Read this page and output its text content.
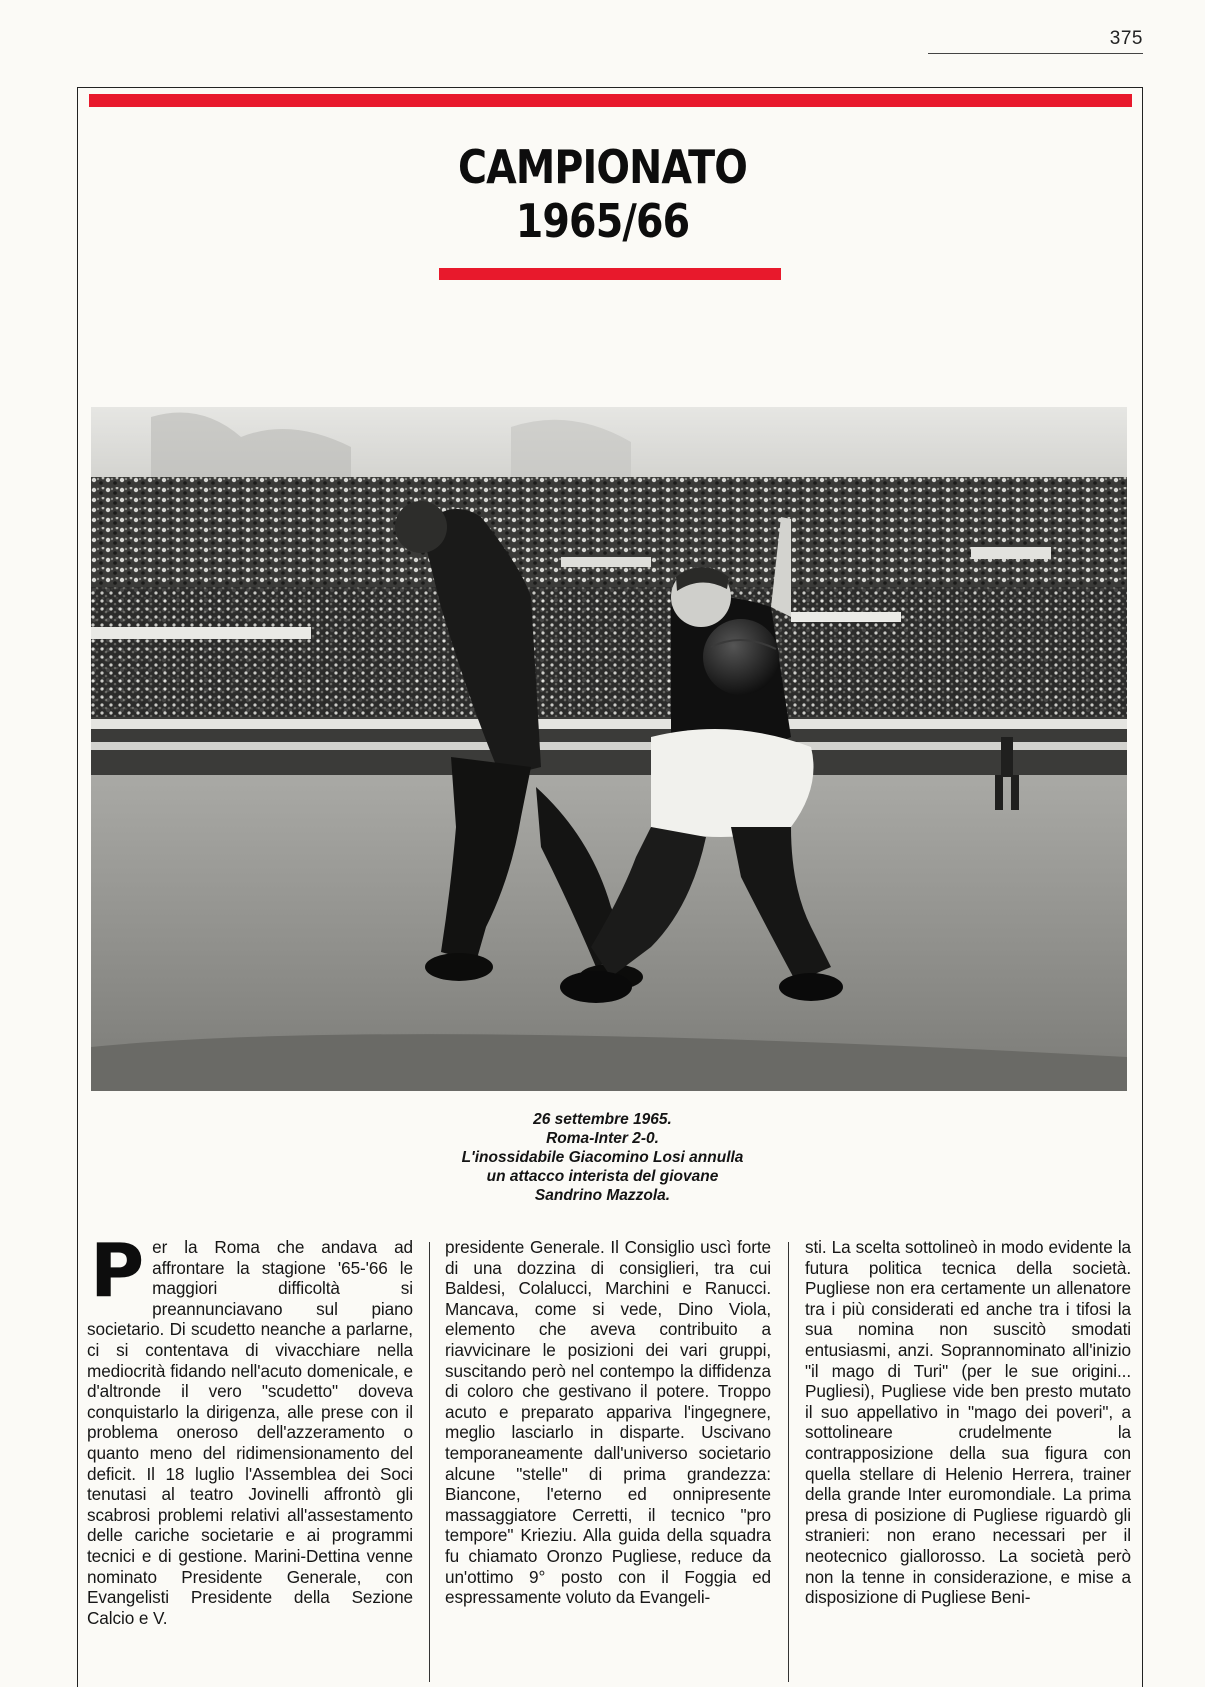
375
CAMPIONATO
1965/66
26 settembre 1965.
Roma-Inter 2-0.
L'inossidabile Giacomino Losi annulla
un attacco interista del giovane
Sandrino Mazzola.
Per la Roma che andava ad affrontare la stagione '65-'66 le maggiori difficoltà si preannunciavano sul piano societario. Di scudetto neanche a parlarne, ci si contentava di vivacchiare nella mediocrità fidando nell'acuto domenicale, e d'altronde il vero "scudetto" doveva conquistarlo la dirigenza, alle prese con il problema oneroso dell'azzeramento o quanto meno del ridimensionamento del deficit. Il 18 luglio l'Assemblea dei Soci tenutasi al teatro Jovinelli affrontò gli scabrosi problemi relativi all'assestamento delle cariche societarie e ai programmi tecnici e di gestione. Marini-Dettina venne nominato Presidente Generale, con Evangelisti Presidente della Sezione Calcio e V.
presidente Generale. Il Consiglio uscì forte di una dozzina di consiglieri, tra cui Baldesi, Colalucci, Marchini e Ranucci. Mancava, come si vede, Dino Viola, elemento che aveva contribuito a riavvicinare le posizioni dei vari gruppi, suscitando però nel contempo la diffidenza di coloro che gestivano il potere. Troppo acuto e preparato appariva l'ingegnere, meglio lasciarlo in disparte. Uscivano temporaneamente dall'universo societario alcune "stelle" di prima grandezza: Biancone, l'eterno ed onnipresente massaggiatore Cerretti, il tecnico "pro tempore" Krieziu. Alla guida della squadra fu chiamato Oronzo Pugliese, reduce da un'ottimo 9° posto con il Foggia ed espressamente voluto da Evangeli-
sti. La scelta sottolineò in modo evidente la futura politica tecnica della società. Pugliese non era certamente un allenatore tra i più considerati ed anche tra i tifosi la sua nomina non suscitò smodati entusiasmi, anzi. Soprannominato all'inizio "il mago di Turi" (per le sue origini... Pugliesi), Pugliese vide ben presto mutato il suo appellativo in "mago dei poveri", a sottolineare crudelmente la contrapposizione della sua figura con quella stellare di Helenio Herrera, trainer della grande Inter euromondiale. La prima presa di posizione di Pugliese riguardò gli stranieri: non erano necessari per il neotecnico giallorosso. La società però non la tenne in considerazione, e mise a disposizione di Pugliese Beni-
